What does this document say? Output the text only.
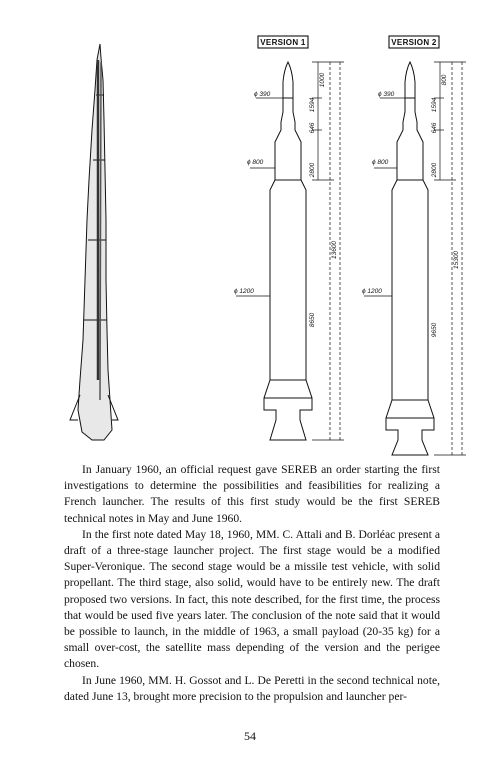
VERSION 1	VERSION 2
ϕ 390
ϕ 800
ϕ 1200
1000
1594
646
2800
13600
8650
ϕ 390
ϕ 800
ϕ 1200
800
1594
646
2800
15300
9650

In January 1960, an official request gave SEREB an order starting the first investigations to determine the possibilities and feasibilities for realizing a French launcher. The results of this first study would be the first SEREB technical notes in May and June 1960.

In the first note dated May 18, 1960, MM. C. Attali and B. Dorléac present a draft of a three-stage launcher project. The first stage would be a modified Super-Veronique. The second stage would be a missile test vehicle, with solid propellant. The third stage, also solid, would have to be entirely new. The draft proposed two versions. In fact, this note described, for the first time, the process that would be used five years later. The conclusion of the note said that it would be possible to launch, in the middle of 1963, a small payload (20-35 kg) for a small over-cost, the satellite mass depending of the version and the perigee chosen.

In June 1960, MM. H. Gossot and L. De Peretti in the second technical note, dated June 13, brought more precision to the propulsion and launcher per-

54
